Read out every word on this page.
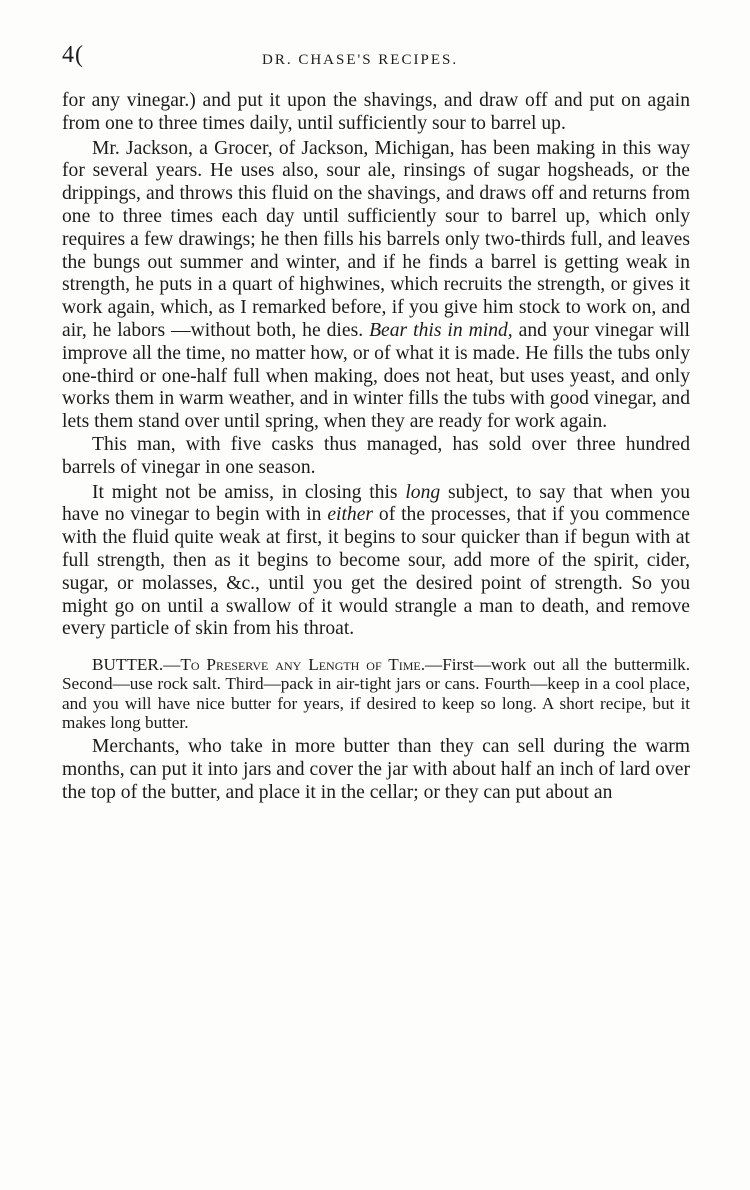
4(	DR. CHASE'S RECIPES.

for any vinegar.) and put it upon the shavings, and draw off and put on again from one to three times daily, until sufficiently sour to barrel up.

Mr. Jackson, a Grocer, of Jackson, Michigan, has been making in this way for several years. He uses also, sour ale, rinsings of sugar hogsheads, or the drippings, and throws this fluid on the shavings, and draws off and returns from one to three times each day until sufficiently sour to barrel up, which only requires a few drawings; he then fills his barrels only two-thirds full, and leaves the bungs out summer and winter, and if he finds a barrel is getting weak in strength, he puts in a quart of highwines, which recruits the strength, or gives it work again, which, as I remarked before, if you give him stock to work on, and air, he labors —without both, he dies. Bear this in mind, and your vinegar will improve all the time, no matter how, or of what it is made. He fills the tubs only one-third or one-half full when making, does not heat, but uses yeast, and only works them in warm weather, and in winter fills the tubs with good vinegar, and lets them stand over until spring, when they are ready for work again.

This man, with five casks thus managed, has sold over three hundred barrels of vinegar in one season.

It might not be amiss, in closing this long subject, to say that when you have no vinegar to begin with in either of the processes, that if you commence with the fluid quite weak at first, it begins to sour quicker than if begun with at full strength, then as it begins to become sour, add more of the spirit, cider, sugar, or molasses, &c., until you get the desired point of strength. So you might go on until a swallow of it would strangle a man to death, and remove every particle of skin from his throat.

BUTTER.—To Preserve any Length of Time.—First—work out all the buttermilk. Second—use rock salt. Third—pack in air-tight jars or cans. Fourth—keep in a cool place, and you will have nice butter for years, if desired to keep so long. A short recipe, but it makes long butter.

Merchants, who take in more butter than they can sell during the warm months, can put it into jars and cover the jar with about half an inch of lard over the top of the butter, and place it in the cellar; or they can put about an
